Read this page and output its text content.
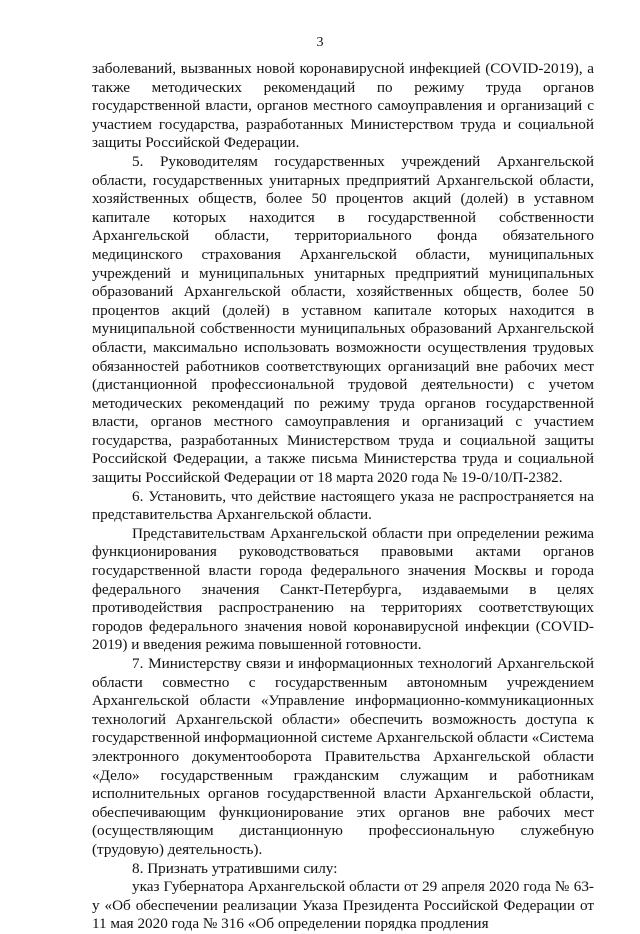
3

заболеваний, вызванных новой коронавирусной инфекцией (COVID-2019), а также методических рекомендаций по режиму труда органов государственной власти, органов местного самоуправления и организаций с участием государства, разработанных Министерством труда и социальной защиты Российской Федерации.

5. Руководителям государственных учреждений Архангельской области, государственных унитарных предприятий Архангельской области, хозяйственных обществ, более 50 процентов акций (долей) в уставном капитале которых находится в государственной собственности Архангельской области, территориального фонда обязательного медицинского страхования Архангельской области, муниципальных учреждений и муниципальных унитарных предприятий муниципальных образований Архангельской области, хозяйственных обществ, более 50 процентов акций (долей) в уставном капитале которых находится в муниципальной собственности муниципальных образований Архангельской области, максимально использовать возможности осуществления трудовых обязанностей работников соответствующих организаций вне рабочих мест (дистанционной профессиональной трудовой деятельности) с учетом методических рекомендаций по режиму труда органов государственной власти, органов местного самоуправления и организаций с участием государства, разработанных Министерством труда и социальной защиты Российской Федерации, а также письма Министерства труда и социальной защиты Российской Федерации от 18 марта 2020 года № 19-0/10/П-2382.

6. Установить, что действие настоящего указа не распространяется на представительства Архангельской области.

Представительствам Архангельской области при определении режима функционирования руководствоваться правовыми актами органов государственной власти города федерального значения Москвы и города федерального значения Санкт-Петербурга, издаваемыми в целях противодействия распространению на территориях соответствующих городов федерального значения новой коронавирусной инфекции (COVID-2019) и введения режима повышенной готовности.

7. Министерству связи и информационных технологий Архангельской области совместно с государственным автономным учреждением Архангельской области «Управление информационно-коммуникационных технологий Архангельской области» обеспечить возможность доступа к государственной информационной системе Архангельской области «Система электронного документооборота Правительства Архангельской области «Дело» государственным гражданским служащим и работникам исполнительных органов государственной власти Архангельской области, обеспечивающим функционирование этих органов вне рабочих мест (осуществляющим дистанционную профессиональную служебную (трудовую) деятельность).

8. Признать утратившими силу:

указ Губернатора Архангельской области от 29 апреля 2020 года № 63-у «Об обеспечении реализации Указа Президента Российской Федерации от 11 мая 2020 года № 316 «Об определении порядка продления
